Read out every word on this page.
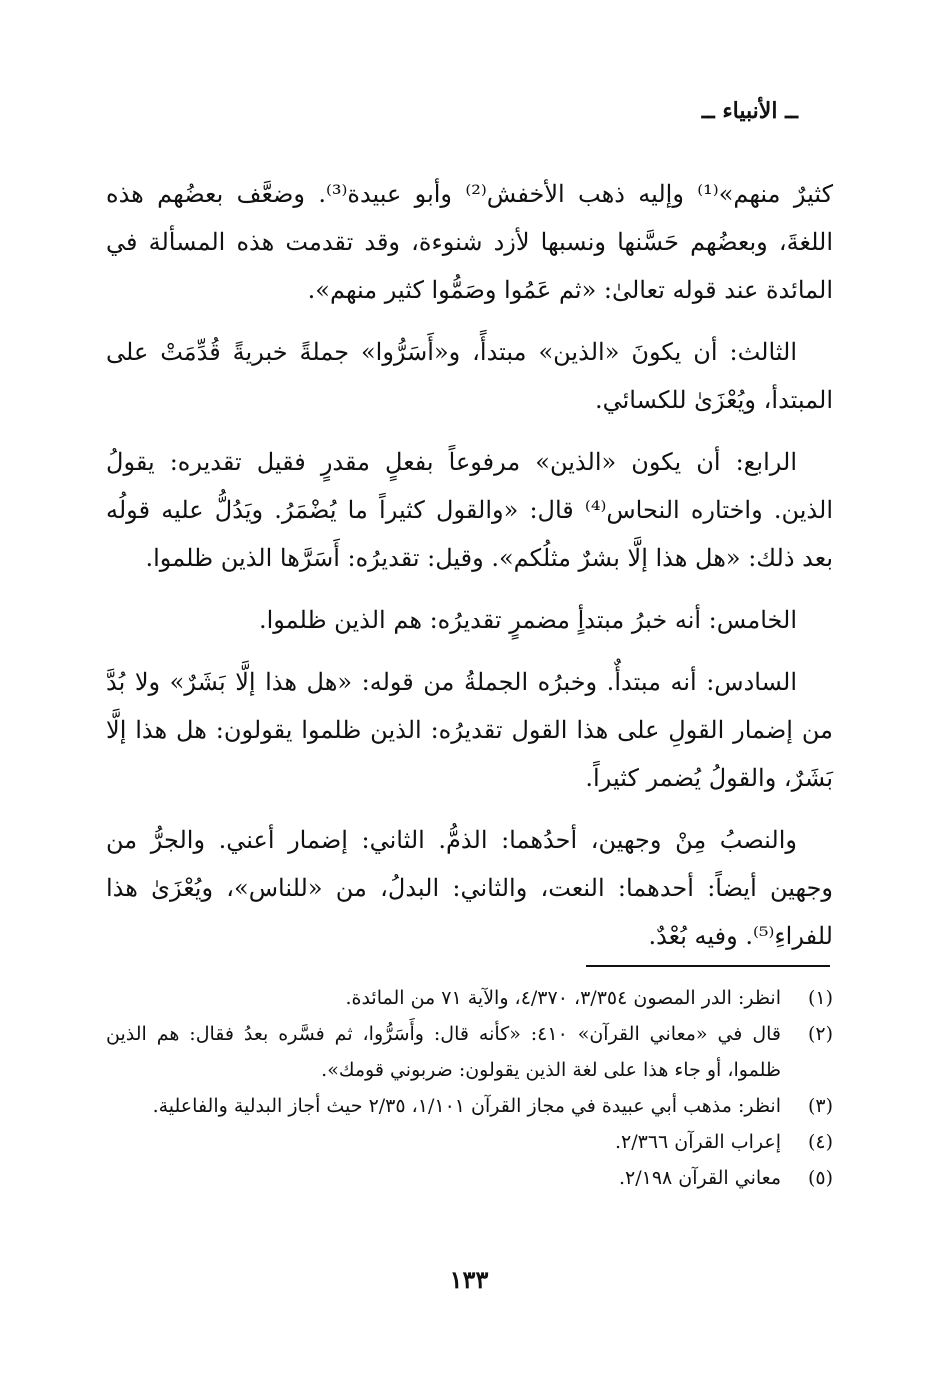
ــ الأنبياء ــ

كثيرٌ منهم»⁽¹⁾ وإليه ذهب الأخفش⁽²⁾ وأبو عبيدة⁽³⁾. وضعَّف بعضُهم هذه اللغةَ، وبعضُهم حَسَّنها ونسبها لأزد شنوءة، وقد تقدمت هذه المسألة في المائدة عند قوله تعالىٰ: «ثم عَمُوا وصَمُّوا كثير منهم».

الثالث: أن يكونَ «الذين» مبتدأً، و«أَسَرُّوا» جملةً خبريةً قُدِّمَتْ على المبتدأ، ويُعْزَىٰ للكسائي.

الرابع: أن يكون «الذين» مرفوعاً بفعلٍ مقدرٍ فقيل تقديره: يقولُ الذين. واختاره النحاس⁽⁴⁾ قال: «والقول كثيراً ما يُضْمَرُ. ويَدُلُّ عليه قولُه بعد ذلك: «هل هذا إلَّا بشرٌ مثلُكم». وقيل: تقديرُه: أَسَرَّها الذين ظلموا.

الخامس: أنه خبرُ مبتدأٍ مضمرٍ تقديرُه: هم الذين ظلموا.

السادس: أنه مبتدأٌ. وخبرُه الجملةُ من قوله: «هل هذا إلَّا بَشَرٌ» ولا بُدَّ من إضمار القولِ على هذا القول تقديرُه: الذين ظلموا يقولون: هل هذا إلَّا بَشَرٌ، والقولُ يُضمر كثيراً.

والنصبُ مِنْ وجهين، أحدُهما: الذمُّ. الثاني: إضمار أعني. والجرُّ من وجهين أيضاً: أحدهما: النعت، والثاني: البدلُ، من «للناس»، ويُعْزَىٰ هذا للفراءِ⁽⁵⁾. وفيه بُعْدٌ.

(١)
انظر: الدر المصون ٣/٣٥٤، ٤/٣٧٠، والآية ٧١ من المائدة.
(٢)
قال في «معاني القرآن» ٤١٠: «كأنه قال: وأَسَرُّوا، ثم فسَّره بعدُ فقال: هم الذين ظلموا، أو جاء هذا على لغة الذين يقولون: ضربوني قومك».
(٣)
انظر: مذهب أبي عبيدة في مجاز القرآن ١/١٠١، ٢/٣٥ حيث أجاز البدلية والفاعلية.
(٤)
إعراب القرآن ٢/٣٦٦.
(٥)
معاني القرآن ٢/١٩٨.
١٣٣
